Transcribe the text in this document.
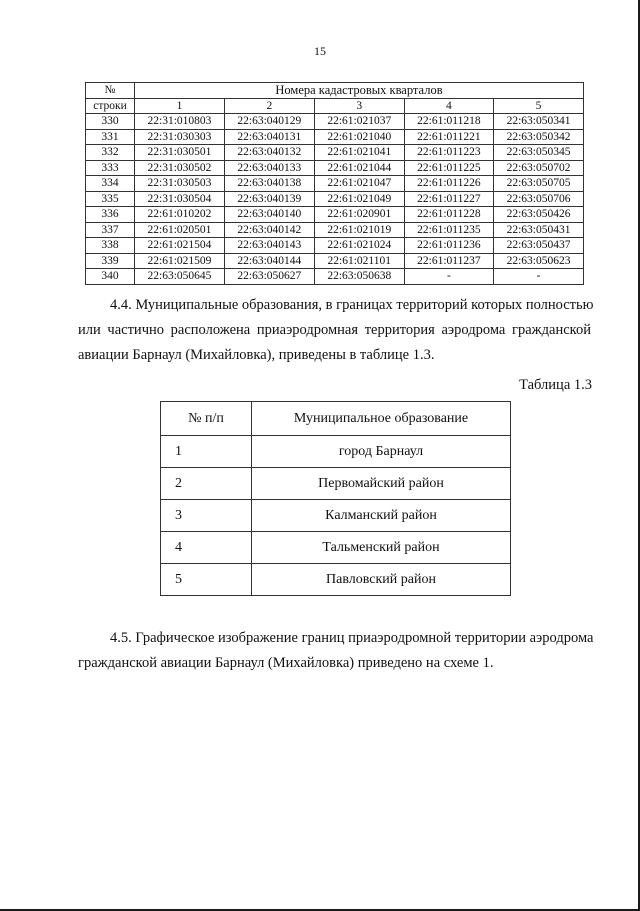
15
№	Номера кадастровых кварталов				
строки	1	2	3	4	5
330	22:31:010803	22:63:040129	22:61:021037	22:61:011218	22:63:050341
331	22:31:030303	22:63:040131	22:61:021040	22:61:011221	22:63:050342
332	22:31:030501	22:63:040132	22:61:021041	22:61:011223	22:63:050345
333	22:31:030502	22:63:040133	22:61:021044	22:61:011225	22:63:050702
334	22:31:030503	22:63:040138	22:61:021047	22:61:011226	22:63:050705
335	22:31:030504	22:63:040139	22:61:021049	22:61:011227	22:63:050706
336	22:61:010202	22:63:040140	22:61:020901	22:61:011228	22:63:050426
337	22:61:020501	22:63:040142	22:61:021019	22:61:011235	22:63:050431
338	22:61:021504	22:63:040143	22:61:021024	22:61:011236	22:63:050437
339	22:61:021509	22:63:040144	22:61:021101	22:61:011237	22:63:050623
340	22:63:050645	22:63:050627	22:63:050638	-	-
4.4. Муниципальные образования, в границах территорий которых полностью
или частично расположена приаэродромная территория аэродрома гражданской
авиации Барнаул (Михайловка), приведены в таблице 1.3.
Таблица 1.3
№ п/п	Муниципальное образование
1	город Барнаул
2	Первомайский район
3	Калманский район
4	Тальменский район
5	Павловский район
4.5. Графическое изображение границ приаэродромной территории аэродрома
гражданской авиации Барнаул (Михайловка) приведено на схеме 1.
